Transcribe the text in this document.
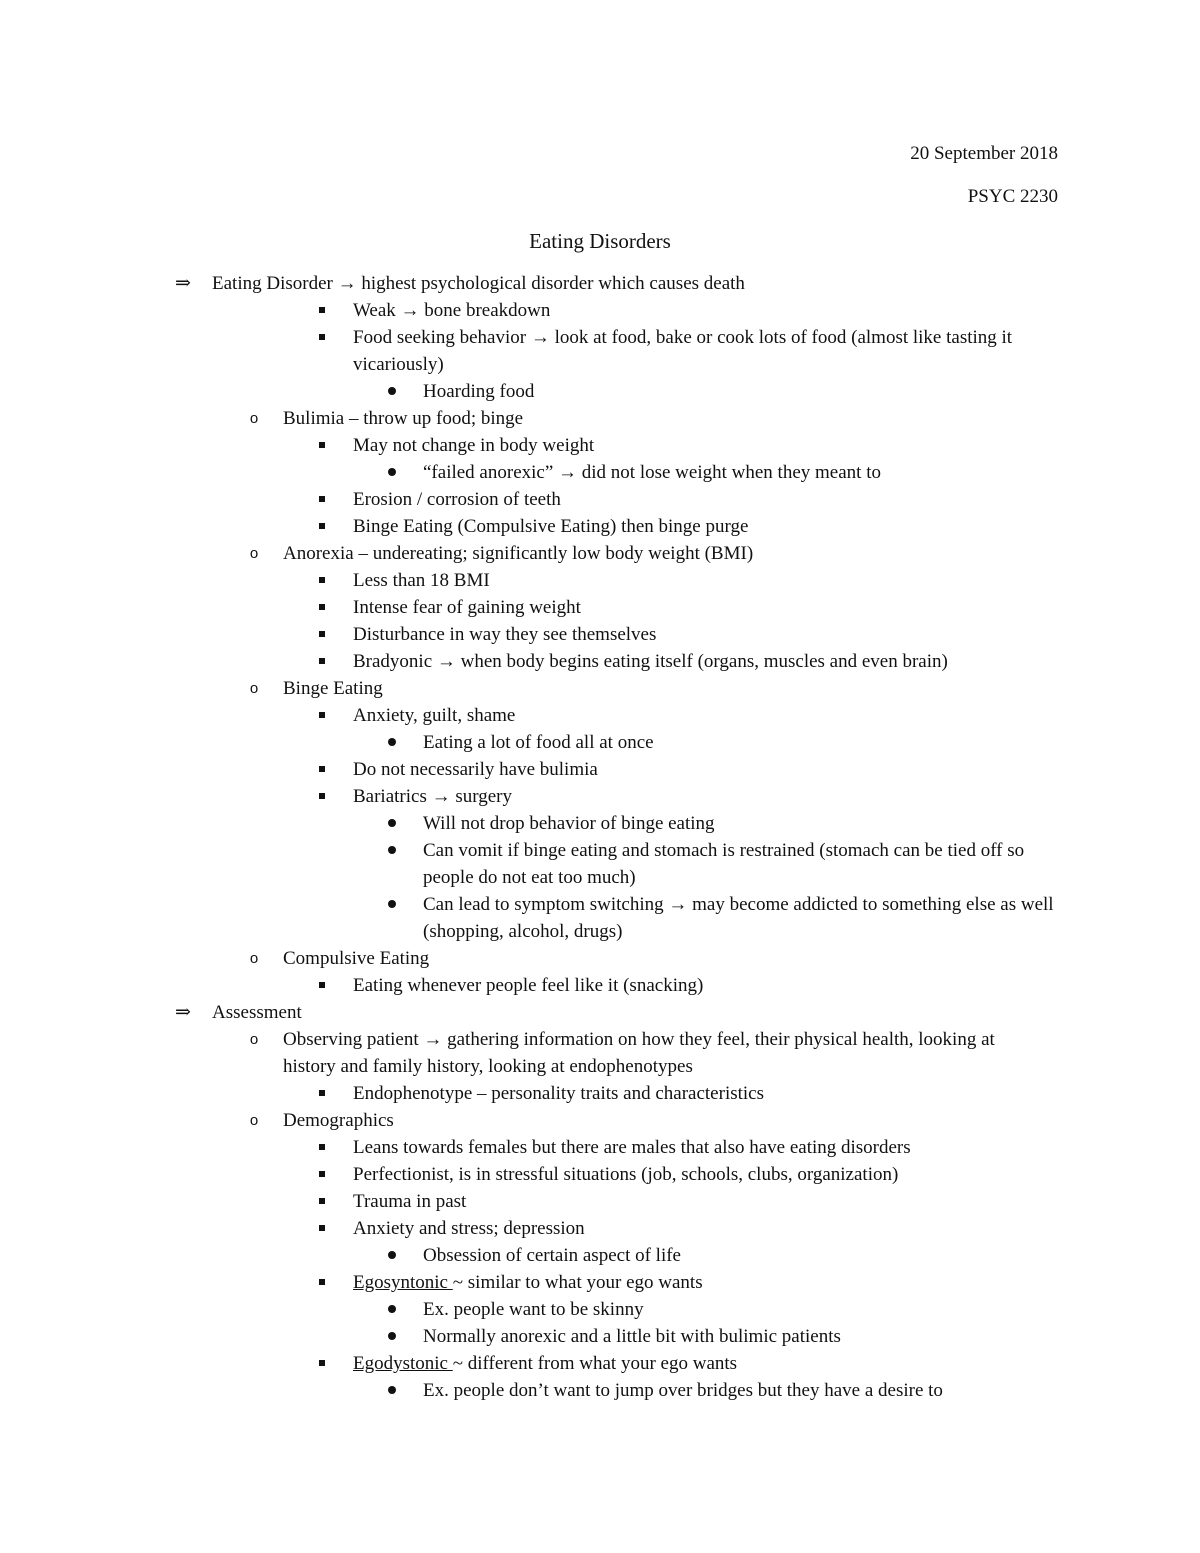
20 September 2018
PSYC 2230
Eating Disorders
⇒ Eating Disorder → highest psychological disorder which causes death
Weak → bone breakdown
Food seeking behavior → look at food, bake or cook lots of food (almost like tasting it vicariously)
Hoarding food
o Bulimia – throw up food; binge
May not change in body weight
“failed anorexic” → did not lose weight when they meant to
Erosion / corrosion of teeth
Binge Eating (Compulsive Eating) then binge purge
o Anorexia – undereating; significantly low body weight (BMI)
Less than 18 BMI
Intense fear of gaining weight
Disturbance in way they see themselves
Bradyonic → when body begins eating itself (organs, muscles and even brain)
o Binge Eating
Anxiety, guilt, shame
Eating a lot of food all at once
Do not necessarily have bulimia
Bariatrics → surgery
Will not drop behavior of binge eating
Can vomit if binge eating and stomach is restrained (stomach can be tied off so people do not eat too much)
Can lead to symptom switching → may become addicted to something else as well (shopping, alcohol, drugs)
o Compulsive Eating
Eating whenever people feel like it (snacking)
⇒ Assessment
o Observing patient → gathering information on how they feel, their physical health, looking at history and family history, looking at endophenotypes
Endophenotype – personality traits and characteristics
o Demographics
Leans towards females but there are males that also have eating disorders
Perfectionist, is in stressful situations (job, schools, clubs, organization)
Trauma in past
Anxiety and stress; depression
Obsession of certain aspect of life
Egosyntonic ~ similar to what your ego wants
Ex. people want to be skinny
Normally anorexic and a little bit with bulimic patients
Egodystonic ~ different from what your ego wants
Ex. people don’t want to jump over bridges but they have a desire to
